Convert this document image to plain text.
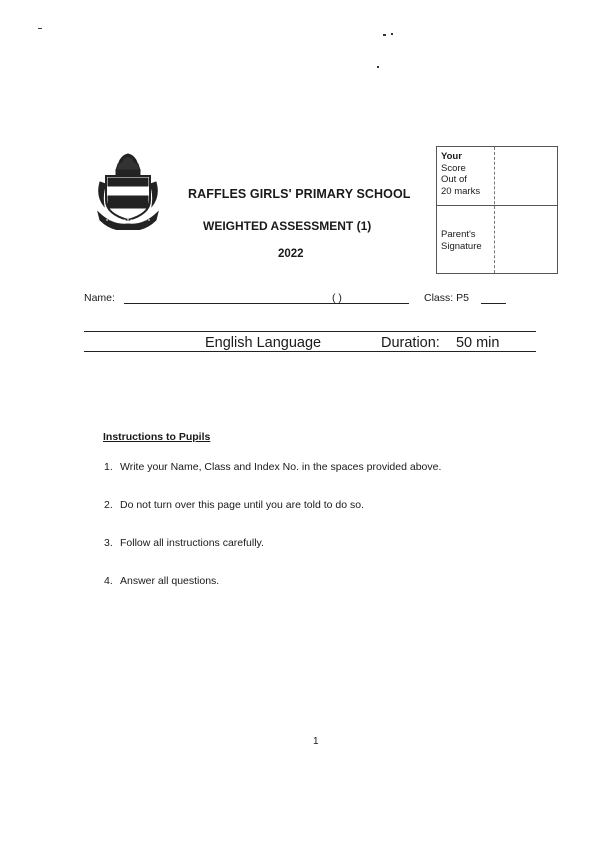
RAFFLES GIRLS' PRIMARY SCHOOL
WEIGHTED ASSESSMENT (1)
2022
Your
Score
Out of
20 marks
Parent's
Signature
Name:	( )	Class: P5
English Language	Duration:    50 min
Instructions to Pupils
1. Write your Name, Class and Index No. in the spaces provided above.
2. Do not turn over this page until you are told to do so.
3. Follow all instructions carefully.
4. Answer all questions.
1
